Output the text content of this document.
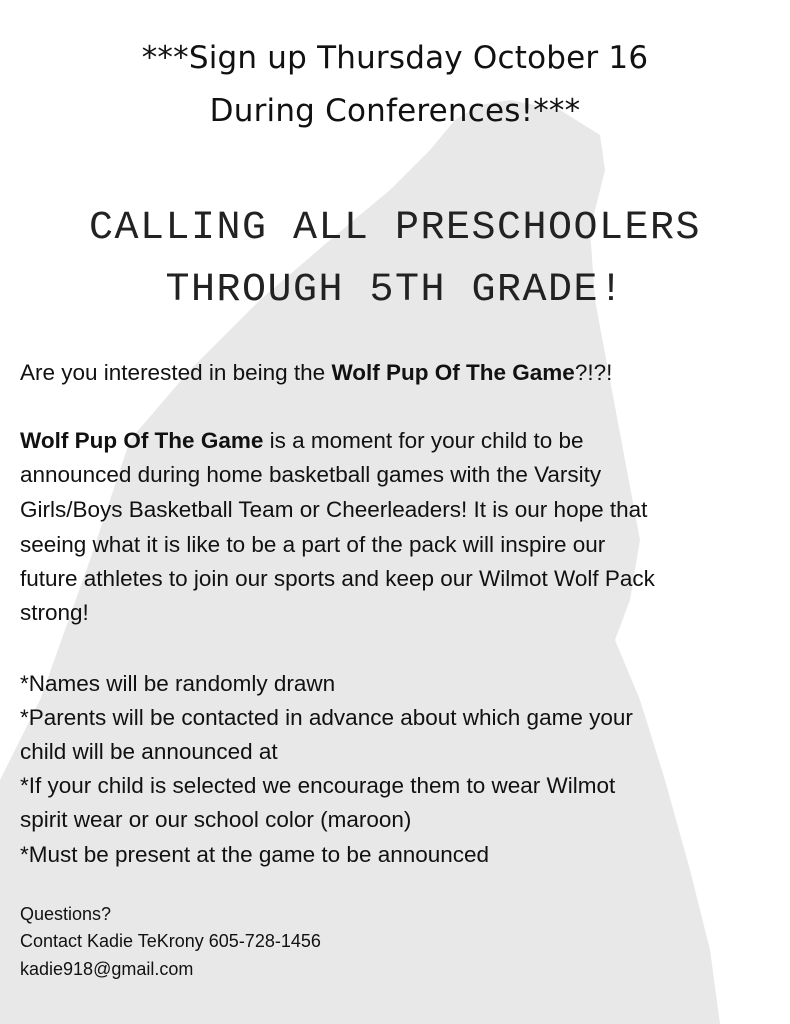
***Sign up Thursday October 16
During Conferences!***
CALLING ALL PRESCHOOLERS
THROUGH 5TH GRADE!
Are you interested in being the Wolf Pup Of The Game?!?!
Wolf Pup Of The Game is a moment for your child to be
announced during home basketball games with the Varsity
Girls/Boys Basketball Team or Cheerleaders! It is our hope that
seeing what it is like to be a part of the pack will inspire our
future athletes to join our sports and keep our Wilmot Wolf Pack
strong!
*Names will be randomly drawn
*Parents will be contacted in advance about which game your
child will be announced at
*If your child is selected we encourage them to wear Wilmot
spirit wear or our school color (maroon)
*Must be present at the game to be announced
Questions?
Contact Kadie TeKrony 605-728-1456
kadie918@gmail.com
